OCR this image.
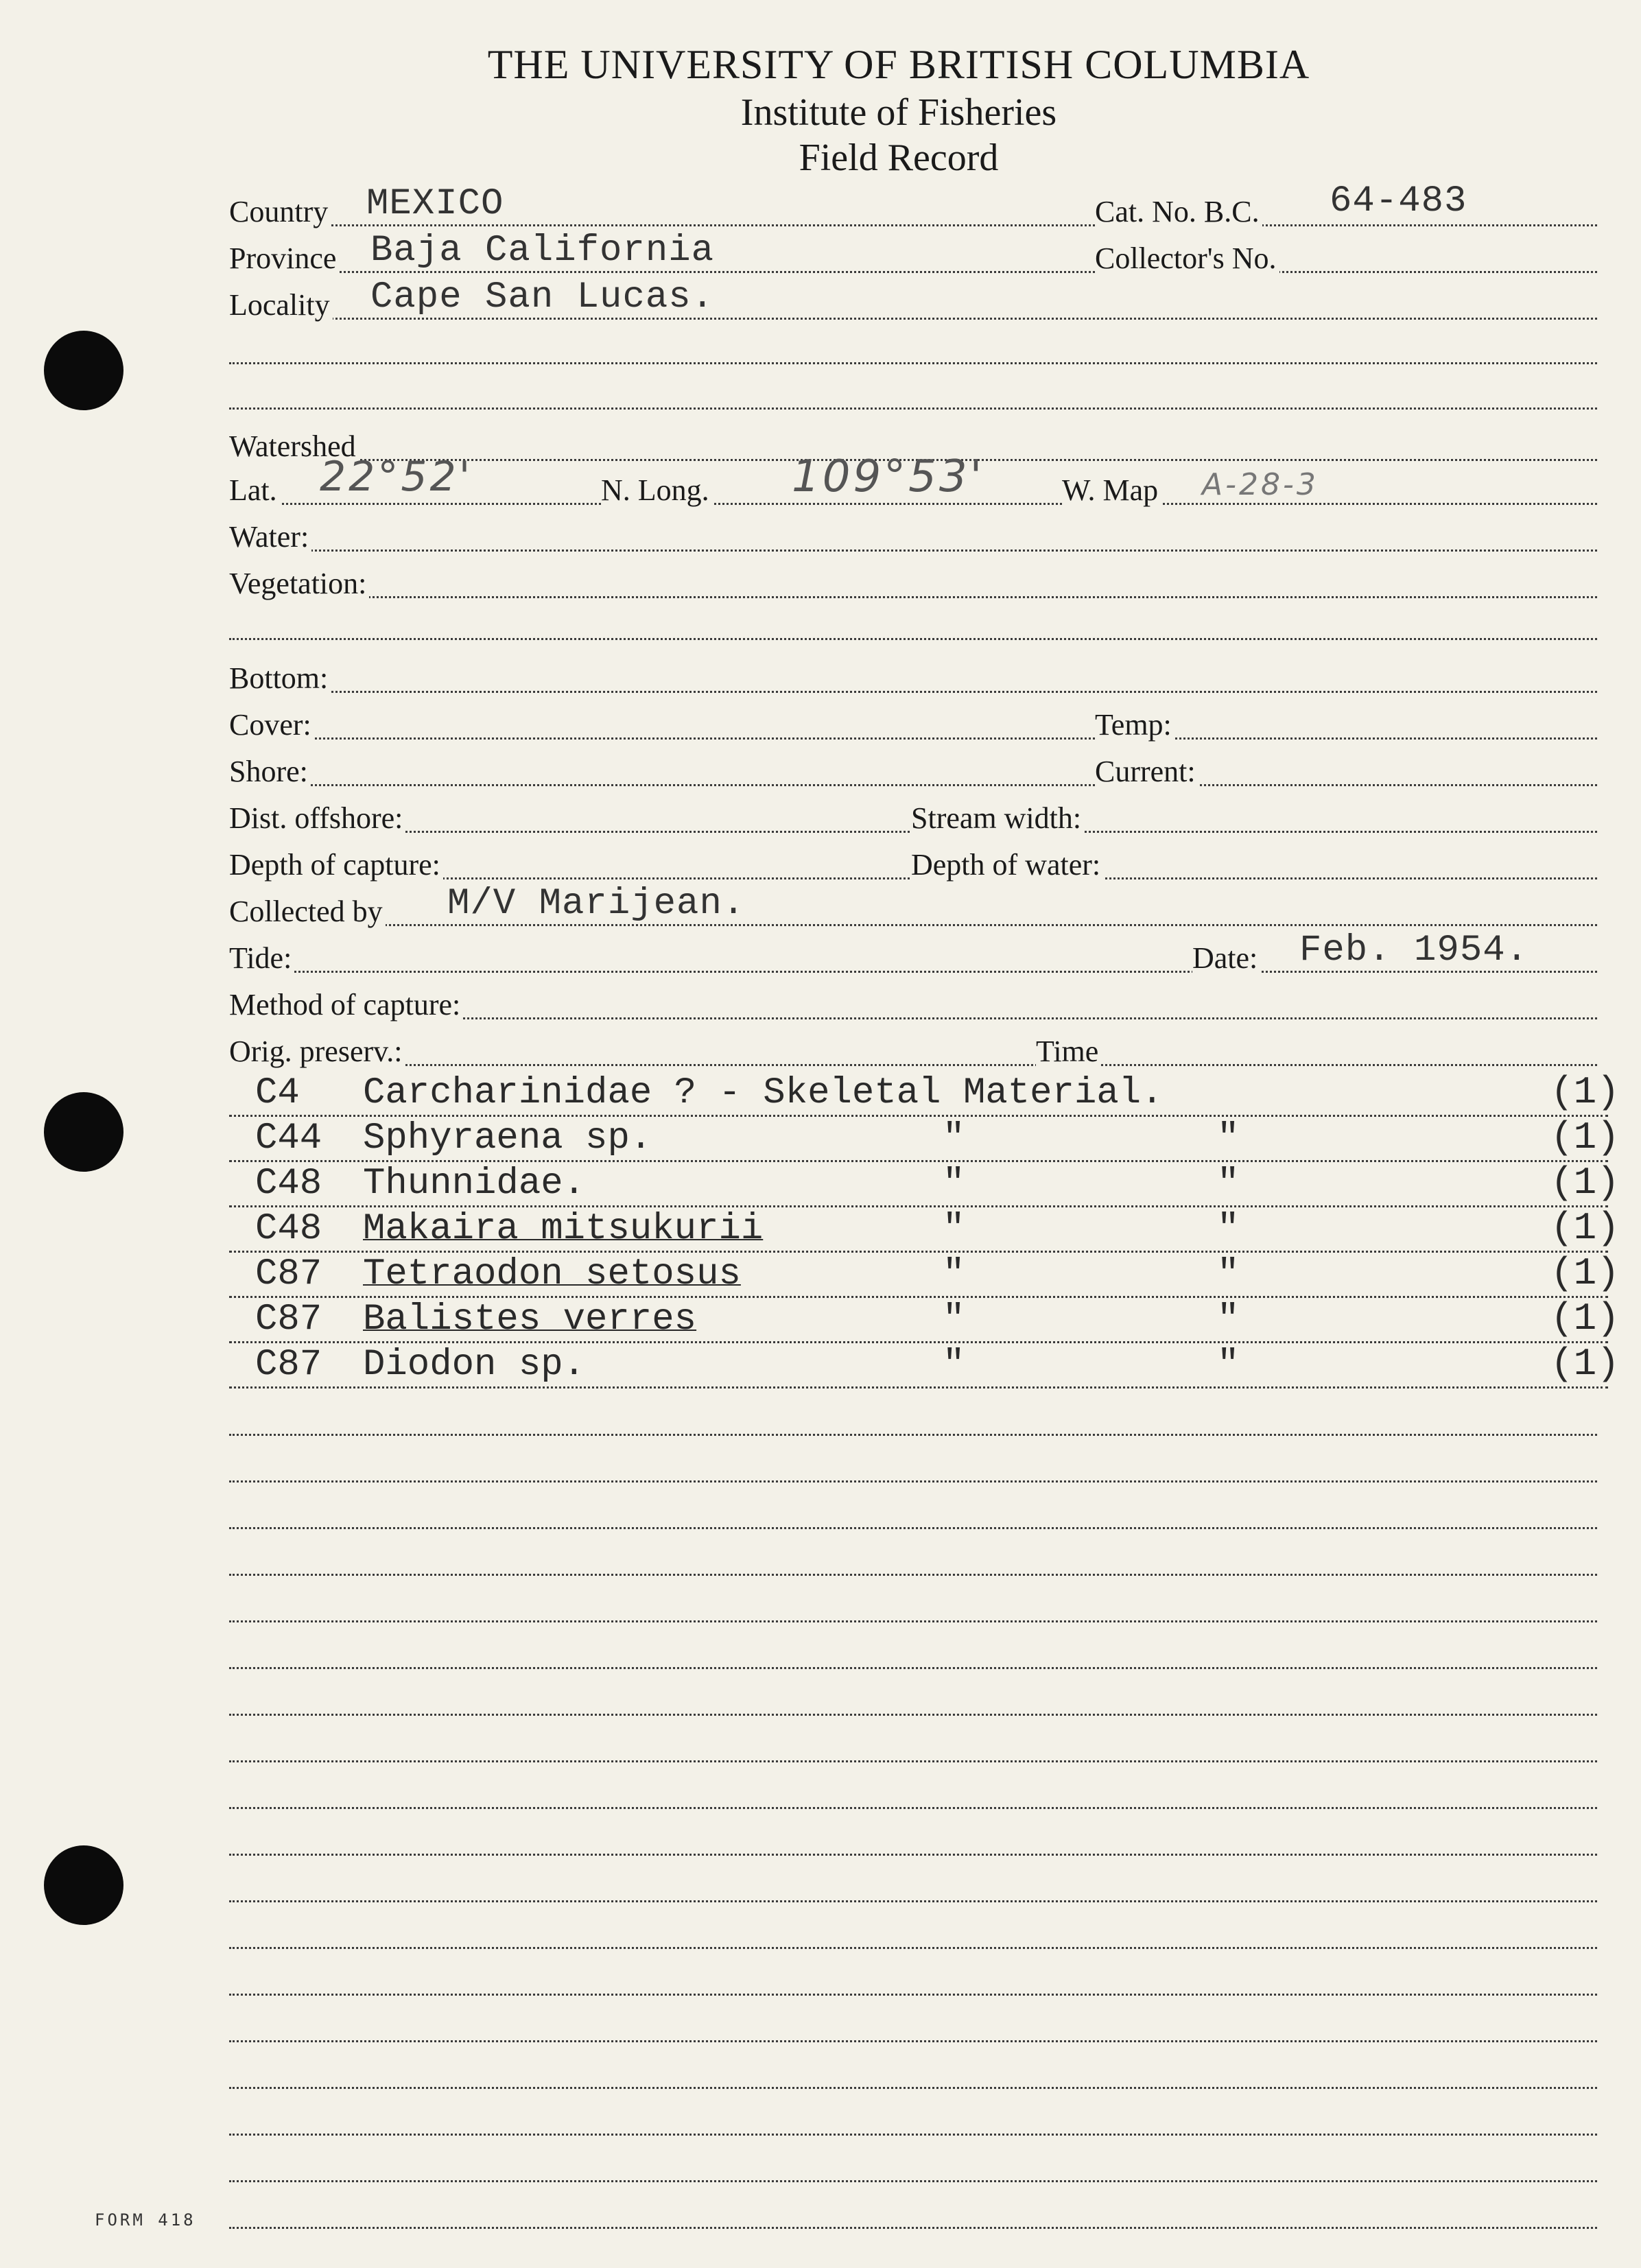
THE UNIVERSITY OF BRITISH COLUMBIA
Institute of Fisheries
Field Record
Country MEXICO	Cat. No. B.C. 64-483
Province Baja California	Collector's No.
Locality Cape San Lucas.
Watershed
Lat. 22°52'	N. Long. 109°53'	W. Map A-28-3
Water:
Vegetation:
Bottom:
Cover:	Temp:
Shore:	Current:
Dist. offshore:	Stream width:
Depth of capture:	Depth of water:
Collected by M/V Marijean.
Tide:	Date: Feb. 1954.
Method of capture:
Orig. preserv.:	Time
C4 Carcharinidae ? - Skeletal Material.	(1)
C44 Sphyraena sp.	"	"	(1)
C48 Thunnidae.	"	"	(1)
C48 Makaira mitsukurii	"	"	(1)
C87 Tetraodon setosus	"	"	(1)
C87 Balistes verres	"	"	(1)
C87 Diodon sp.	"	"	(1)
FORM 418
